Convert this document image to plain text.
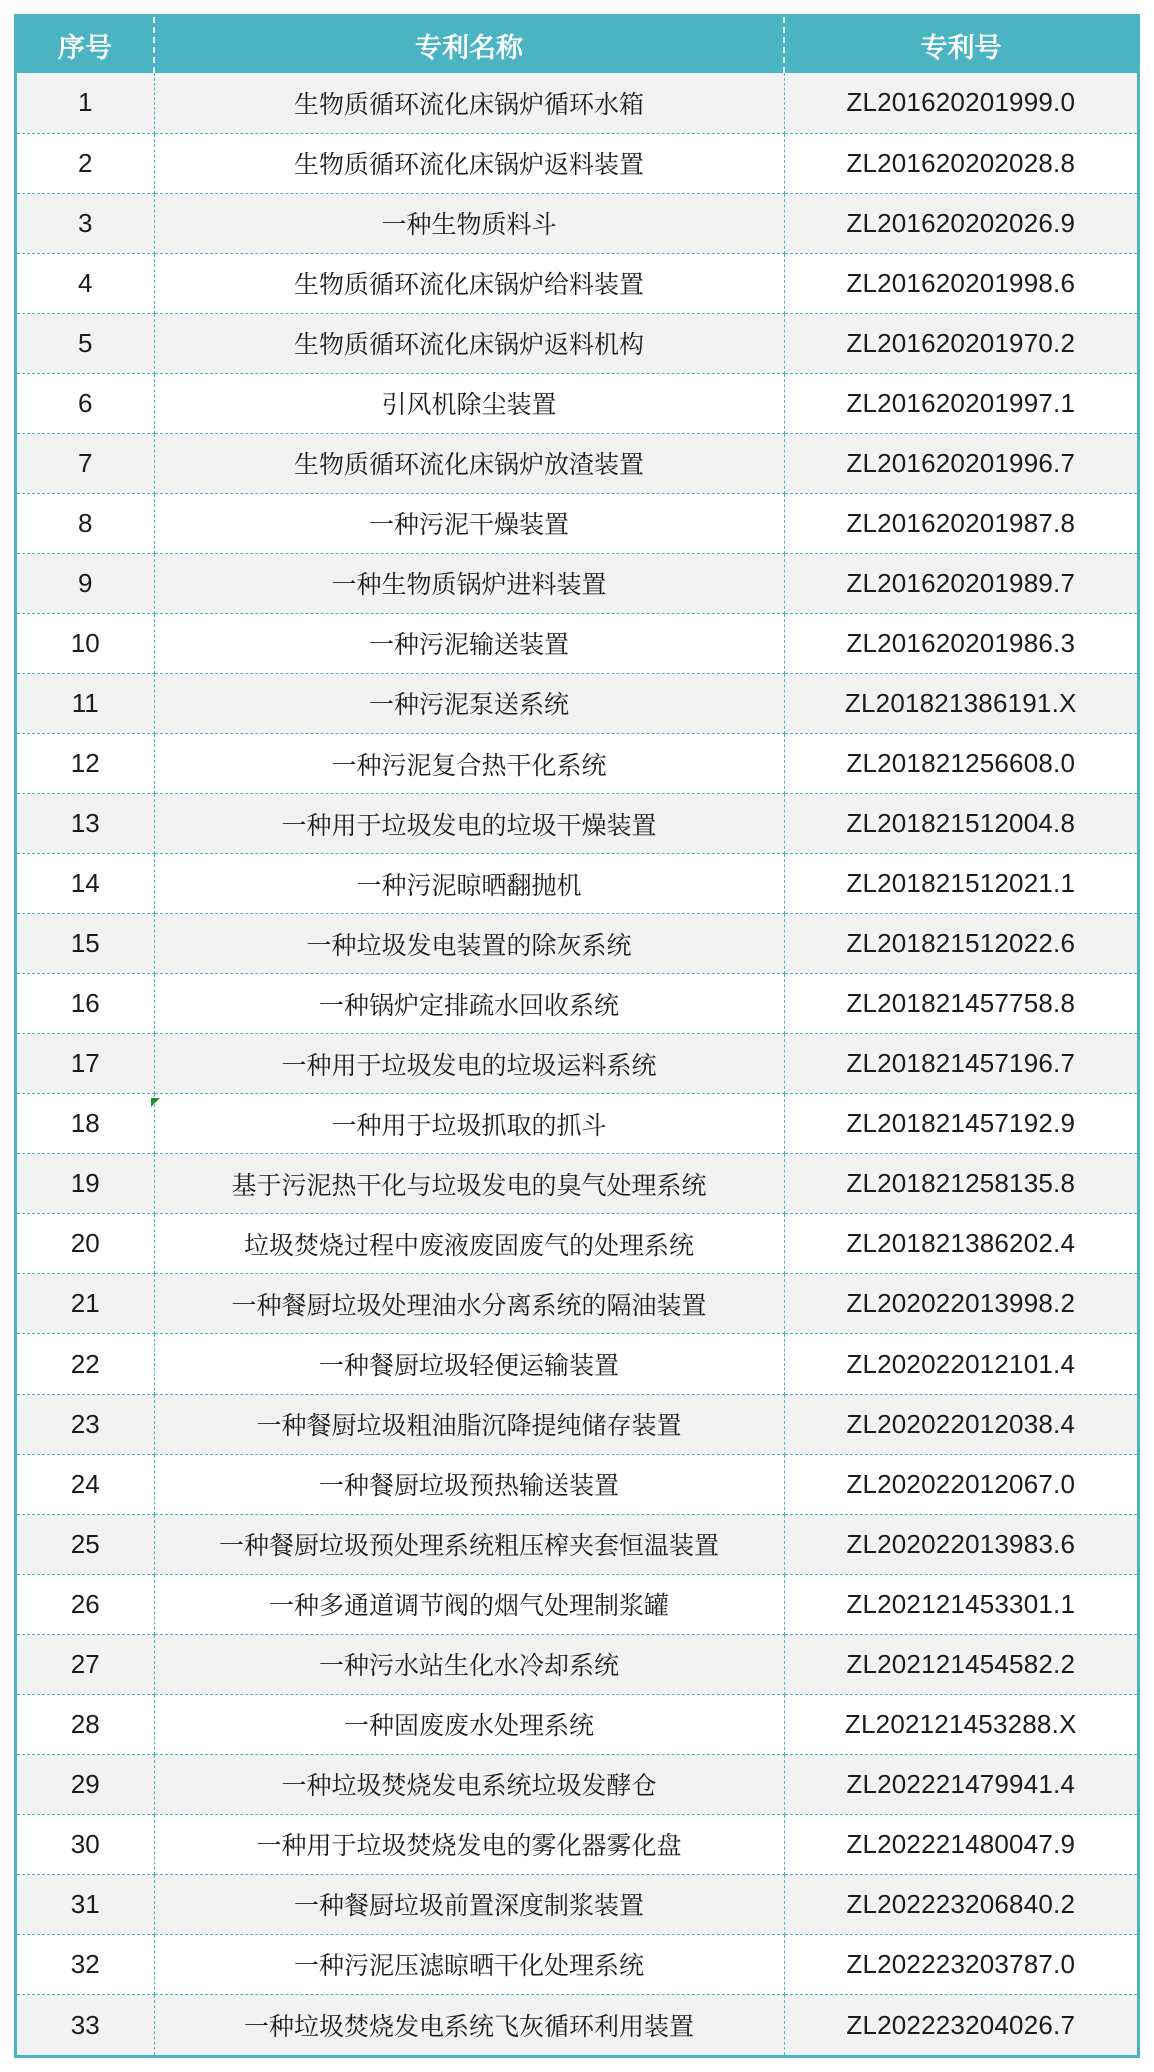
序号	专利名称	专利号
1	生物质循环流化床锅炉循环水箱	ZL201620201999.0
2	生物质循环流化床锅炉返料装置	ZL201620202028.8
3	一种生物质料斗	ZL201620202026.9
4	生物质循环流化床锅炉给料装置	ZL201620201998.6
5	生物质循环流化床锅炉返料机构	ZL201620201970.2
6	引风机除尘装置	ZL201620201997.1
7	生物质循环流化床锅炉放渣装置	ZL201620201996.7
8	一种污泥干燥装置	ZL201620201987.8
9	一种生物质锅炉进料装置	ZL201620201989.7
10	一种污泥输送装置	ZL201620201986.3
11	一种污泥泵送系统	ZL201821386191.X
12	一种污泥复合热干化系统	ZL201821256608.0
13	一种用于垃圾发电的垃圾干燥装置	ZL201821512004.8
14	一种污泥晾晒翻抛机	ZL201821512021.1
15	一种垃圾发电装置的除灰系统	ZL201821512022.6
16	一种锅炉定排疏水回收系统	ZL201821457758.8
17	一种用于垃圾发电的垃圾运料系统	ZL201821457196.7
18	一种用于垃圾抓取的抓斗	ZL201821457192.9
19	基于污泥热干化与垃圾发电的臭气处理系统	ZL201821258135.8
20	垃圾焚烧过程中废液废固废气的处理系统	ZL201821386202.4
21	一种餐厨垃圾处理油水分离系统的隔油装置	ZL202022013998.2
22	一种餐厨垃圾轻便运输装置	ZL202022012101.4
23	一种餐厨垃圾粗油脂沉降提纯储存装置	ZL202022012038.4
24	一种餐厨垃圾预热输送装置	ZL202022012067.0
25	一种餐厨垃圾预处理系统粗压榨夹套恒温装置	ZL202022013983.6
26	一种多通道调节阀的烟气处理制浆罐	ZL202121453301.1
27	一种污水站生化水冷却系统	ZL202121454582.2
28	一种固废废水处理系统	ZL202121453288.X
29	一种垃圾焚烧发电系统垃圾发酵仓	ZL202221479941.4
30	一种用于垃圾焚烧发电的雾化器雾化盘	ZL202221480047.9
31	一种餐厨垃圾前置深度制浆装置	ZL202223206840.2
32	一种污泥压滤晾晒干化处理系统	ZL202223203787.0
33	一种垃圾焚烧发电系统飞灰循环利用装置	ZL202223204026.7
